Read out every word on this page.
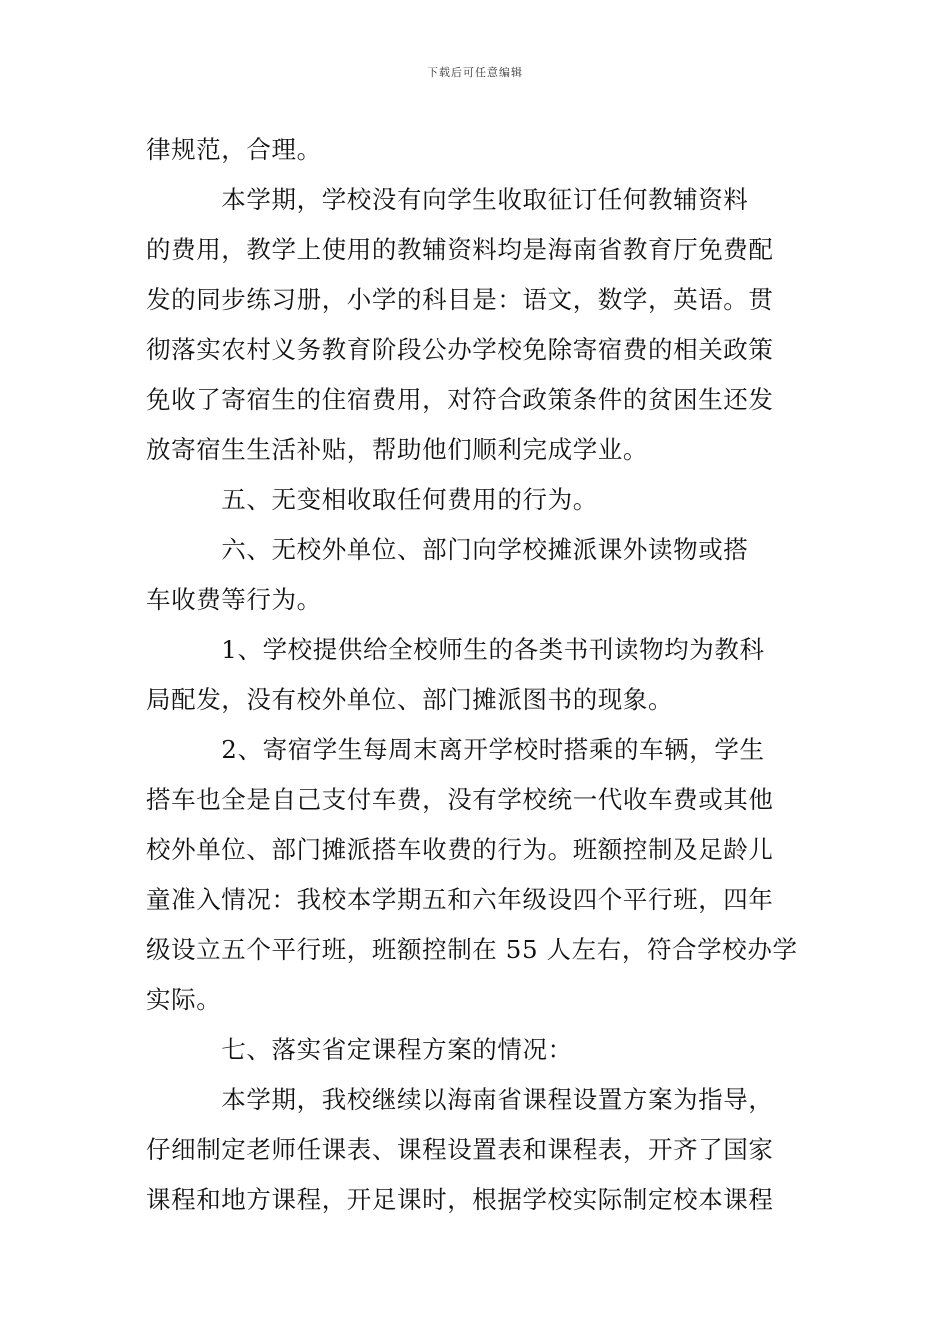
下载后可任意编辑
律规范，合理。
　　　本学期，学校没有向学生收取征订任何教辅资料
的费用，教学上使用的教辅资料均是海南省教育厅免费配
发的同步练习册，小学的科目是：语文，数学，英语。贯
彻落实农村义务教育阶段公办学校免除寄宿费的相关政策
免收了寄宿生的住宿费用，对符合政策条件的贫困生还发
放寄宿生生活补贴，帮助他们顺利完成学业。
　　　五、无变相收取任何费用的行为。
　　　六、无校外单位、部门向学校摊派课外读物或搭
车收费等行为。
　　　1、学校提供给全校师生的各类书刊读物均为教科
局配发，没有校外单位、部门摊派图书的现象。
　　　2、寄宿学生每周末离开学校时搭乘的车辆，学生
搭车也全是自己支付车费，没有学校统一代收车费或其他
校外单位、部门摊派搭车收费的行为。班额控制及足龄儿
童准入情况：我校本学期五和六年级设四个平行班，四年
级设立五个平行班，班额控制在 55 人左右，符合学校办学
实际。
　　　七、落实省定课程方案的情况：
　　　本学期，我校继续以海南省课程设置方案为指导，
仔细制定老师任课表、课程设置表和课程表，开齐了国家
课程和地方课程，开足课时，根据学校实际制定校本课程
